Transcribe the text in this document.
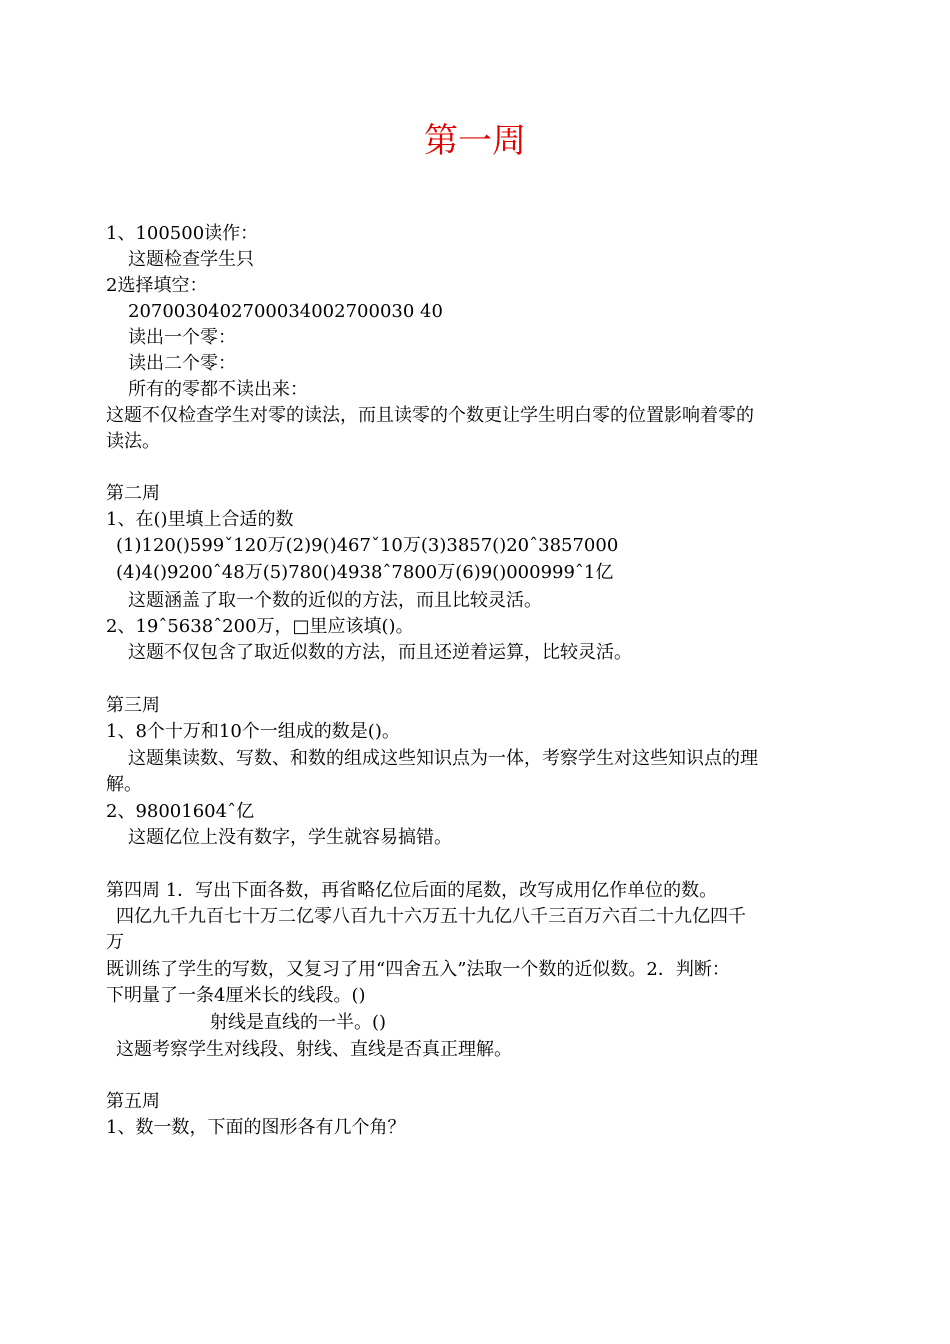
第一周
1、100500读作：
这题检查学生只
2选择填空：
2070030402700034002700030 40
读出一个零：
读出二个零：
所有的零都不读出来：
这题不仅检查学生对零的读法，而且读零的个数更让学生明白零的位置影响着零的
读法。
第二周
1、在()里填上合适的数
(1)120()599ˇ120万(2)9()467ˇ10万(3)3857()20ˆ3857000
(4)4()9200ˆ48万(5)780()4938ˆ7800万(6)9()000999ˆ1亿
这题涵盖了取一个数的近似的方法，而且比较灵活。
2、19ˆ5638ˆ200万，□里应该填()。
这题不仅包含了取近似数的方法，而且还逆着运算，比较灵活。
第三周
1、8个十万和10个一组成的数是()。
这题集读数、写数、和数的组成这些知识点为一体，考察学生对这些知识点的理
解。
2、98001604ˆ亿
这题亿位上没有数字，学生就容易搞错。
第四周 1．写出下面各数，再省略亿位后面的尾数，改写成用亿作单位的数。
四亿九千九百七十万二亿零八百九十六万五十九亿八千三百万六百二十九亿四千
万
既训练了学生的写数，又复习了用“四舍五入”法取一个数的近似数。2．判断：
下明量了一条4厘米长的线段。()
射线是直线的一半。()
这题考察学生对线段、射线、直线是否真正理解。
第五周
1、数一数，下面的图形各有几个角？
